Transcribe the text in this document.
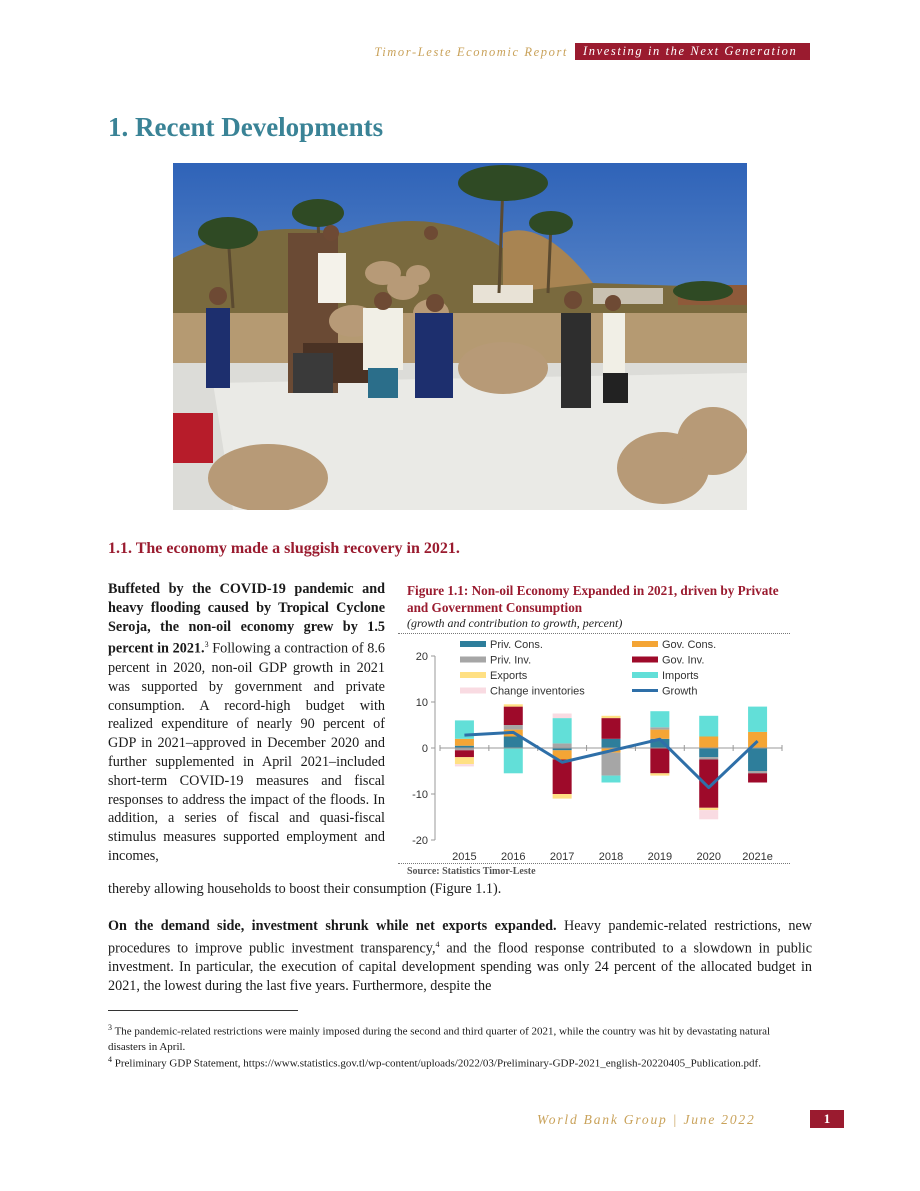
Timor-Leste Economic Report	Investing in the Next Generation
1. Recent Developments
1.1. The economy made a sluggish recovery in 2021.
Buffeted by the COVID-19 pandemic and heavy flooding caused by Tropical Cyclone Seroja, the non-oil economy grew by 1.5 percent in 2021.$^3$ Following a contraction of 8.6 percent in 2020, non-oil GDP growth in 2021 was supported by government and private consumption. A record-high budget with realized expenditure of nearly 90 percent of GDP in 2021–approved in December 2020 and further supplemented in April 2021–included short-term COVID-19 measures and fiscal responses to address the impact of the floods. In addition, a series of fiscal and quasi-fiscal stimulus measures supported employment and incomes,
thereby allowing households to boost their consumption (Figure 1.1).
Figure 1.1: Non-oil Economy Expanded in 2021, driven by Private and Government Consumption
(growth and contribution to growth, percent)
20
10
0
-10
-20
2015 2016 2017 2018 2019 2020 2021e
Priv. Cons.	Gov. Cons.
Priv. Inv.	Gov. Inv.
Exports	Imports
Change inventories	Growth
Source: Statistics Timor-Leste
On the demand side, investment shrunk while net exports expanded. Heavy pandemic-related restrictions, new procedures to improve public investment transparency,$^4$ and the flood response contributed to a slowdown in public investment. In particular, the execution of capital development spending was only 24 percent of the allocated budget in 2021, the lowest during the last five years. Furthermore, despite the
$^3$ The pandemic-related restrictions were mainly imposed during the second and third quarter of 2021, while the country was hit by devastating natural disasters in April.
$^4$ Preliminary GDP Statement, https://www.statistics.gov.tl/wp-content/uploads/2022/03/Preliminary-GDP-2021_english-20220405_Publication.pdf.
World Bank Group | June 2022	1
